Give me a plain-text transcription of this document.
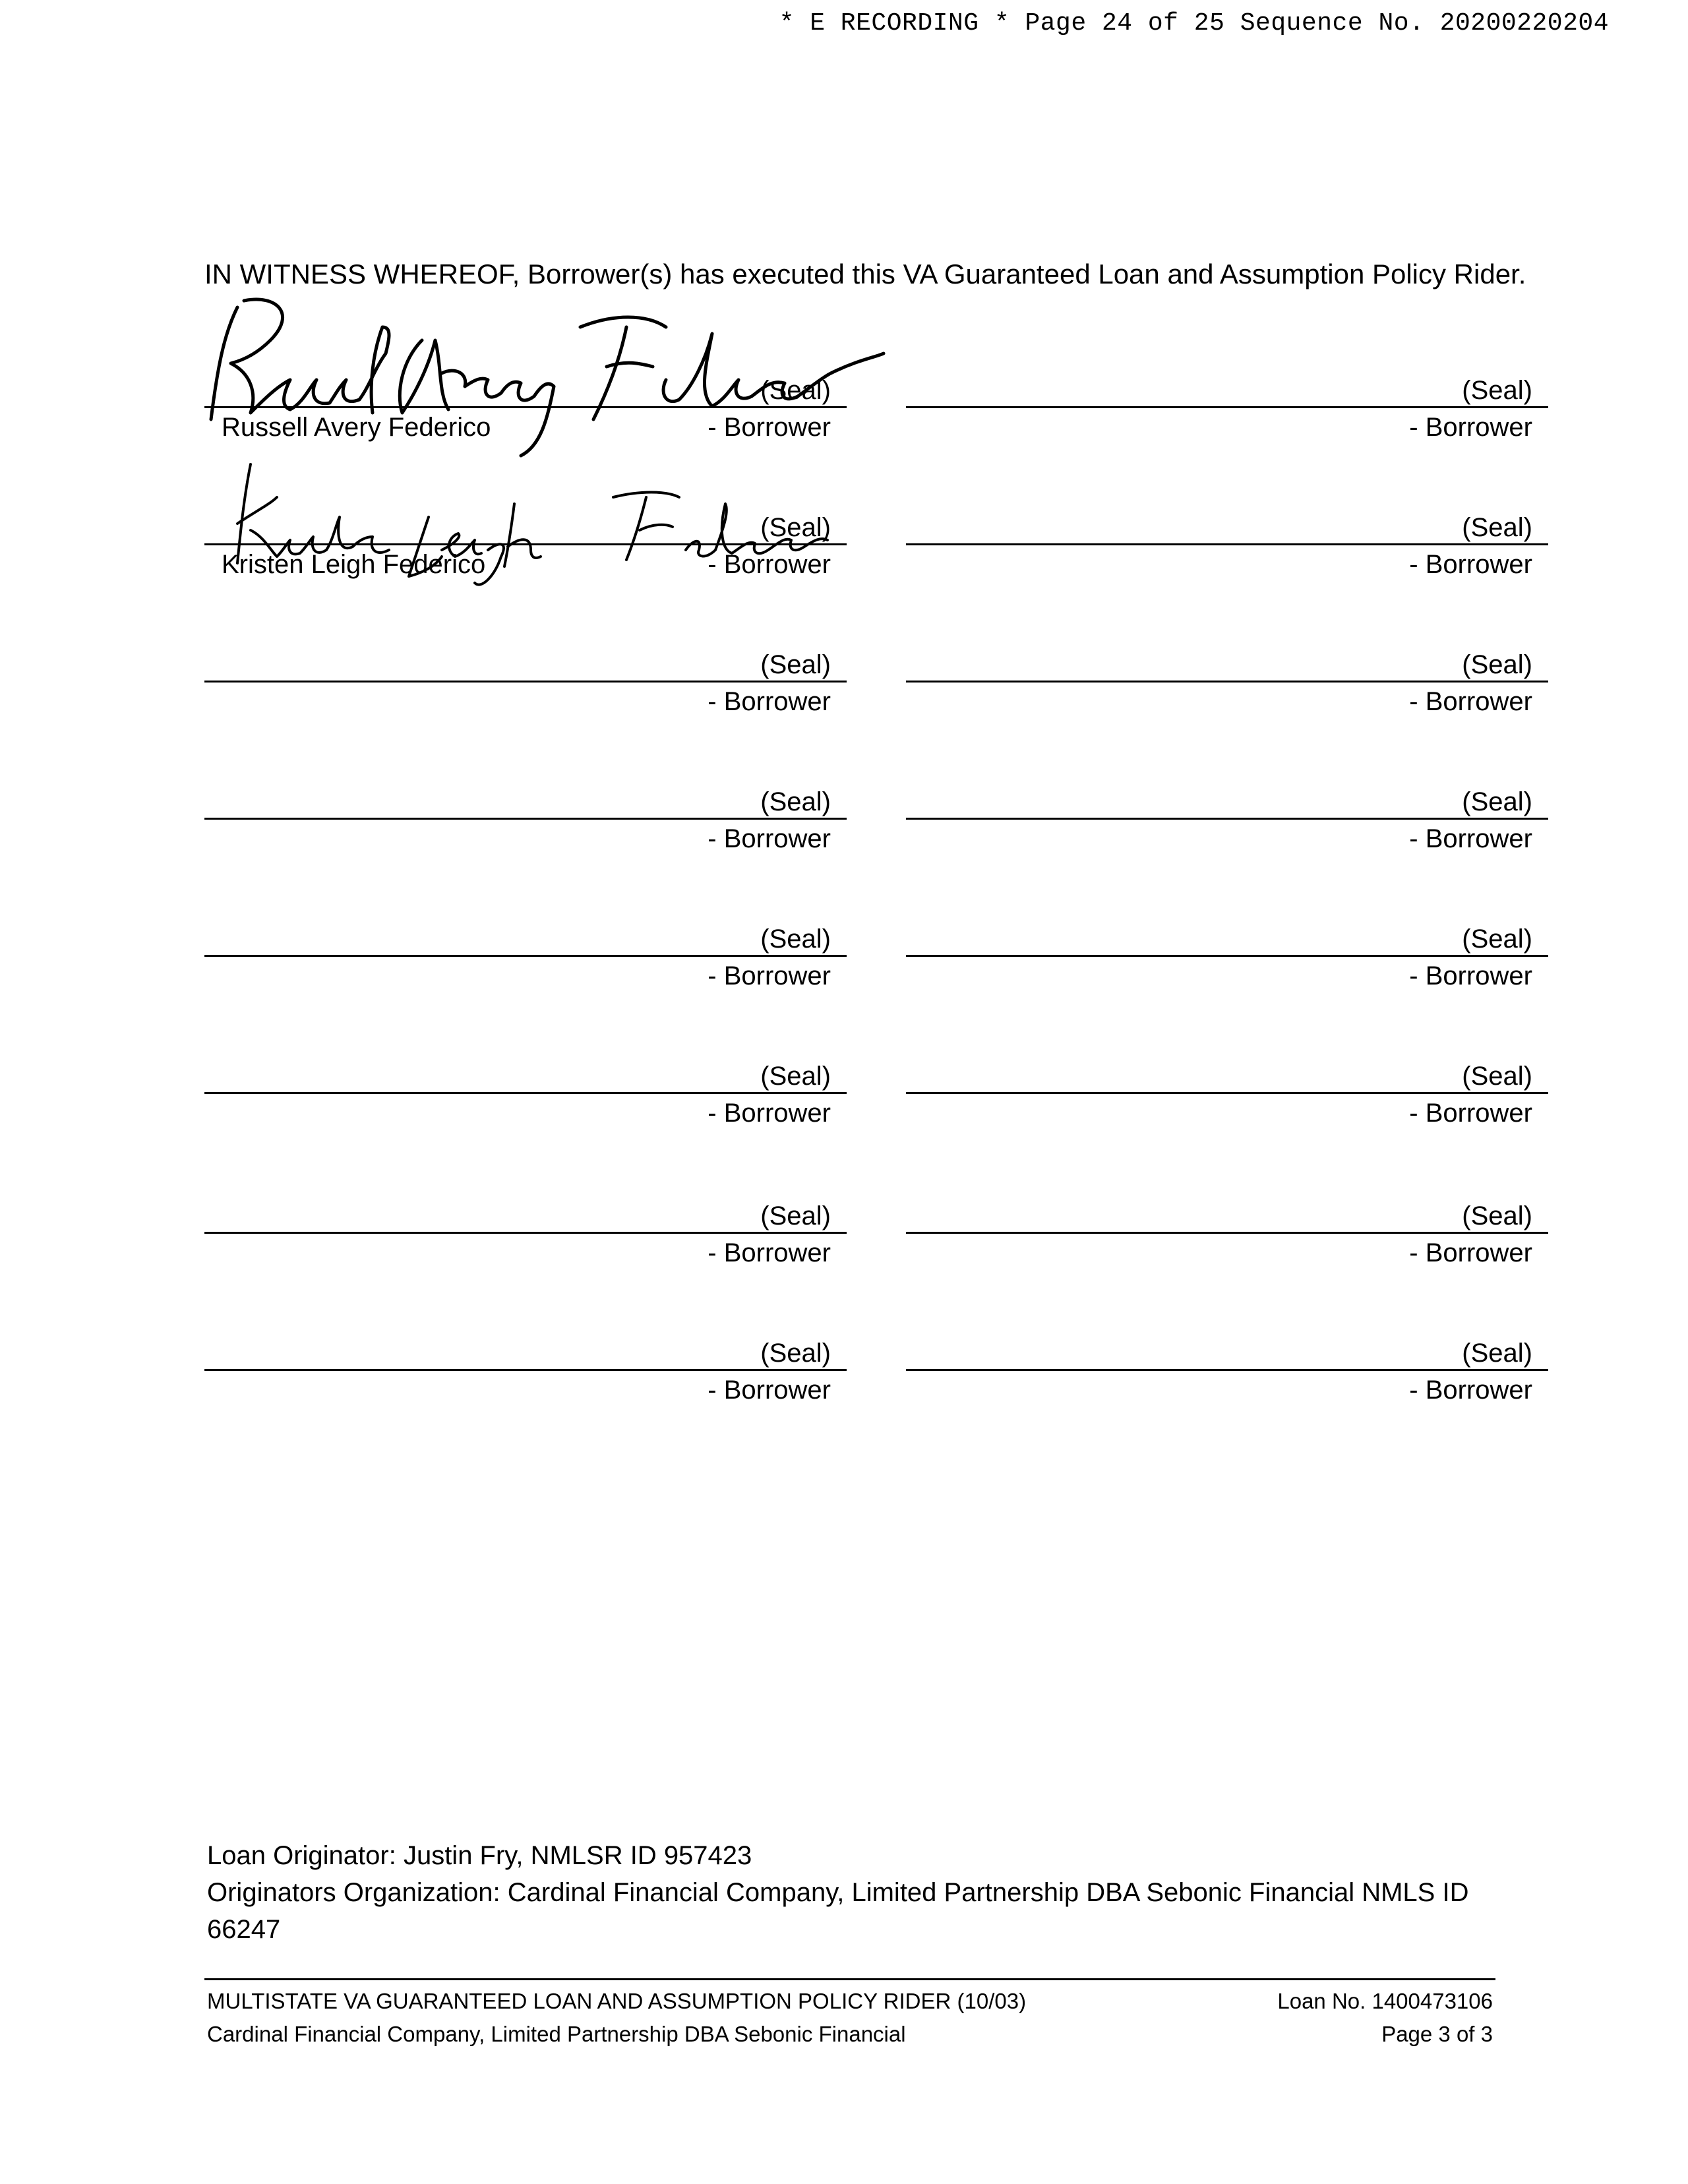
* E RECORDING * Page 24 of 25 Sequence No. 20200220204
IN WITNESS WHEREOF, Borrower(s) has executed this VA Guaranteed Loan and Assumption Policy Rider.
(Seal)
Russell Avery Federico	- Borrower
(Seal)
- Borrower
(Seal)
Kristen Leigh Federico	- Borrower
(Seal)
- Borrower
(Seal)
- Borrower
(Seal)
- Borrower
(Seal)
- Borrower
(Seal)
- Borrower
(Seal)
- Borrower
(Seal)
- Borrower
(Seal)
- Borrower
(Seal)
- Borrower
(Seal)
- Borrower
(Seal)
- Borrower
(Seal)
- Borrower
(Seal)
- Borrower
Loan Originator: Justin Fry, NMLSR ID 957423
Originators Organization: Cardinal Financial Company, Limited Partnership DBA Sebonic Financial NMLS ID 66247
MULTISTATE VA GUARANTEED LOAN AND ASSUMPTION POLICY RIDER (10/03)	Loan No. 1400473106
Cardinal Financial Company, Limited Partnership DBA Sebonic Financial	Page 3 of 3
